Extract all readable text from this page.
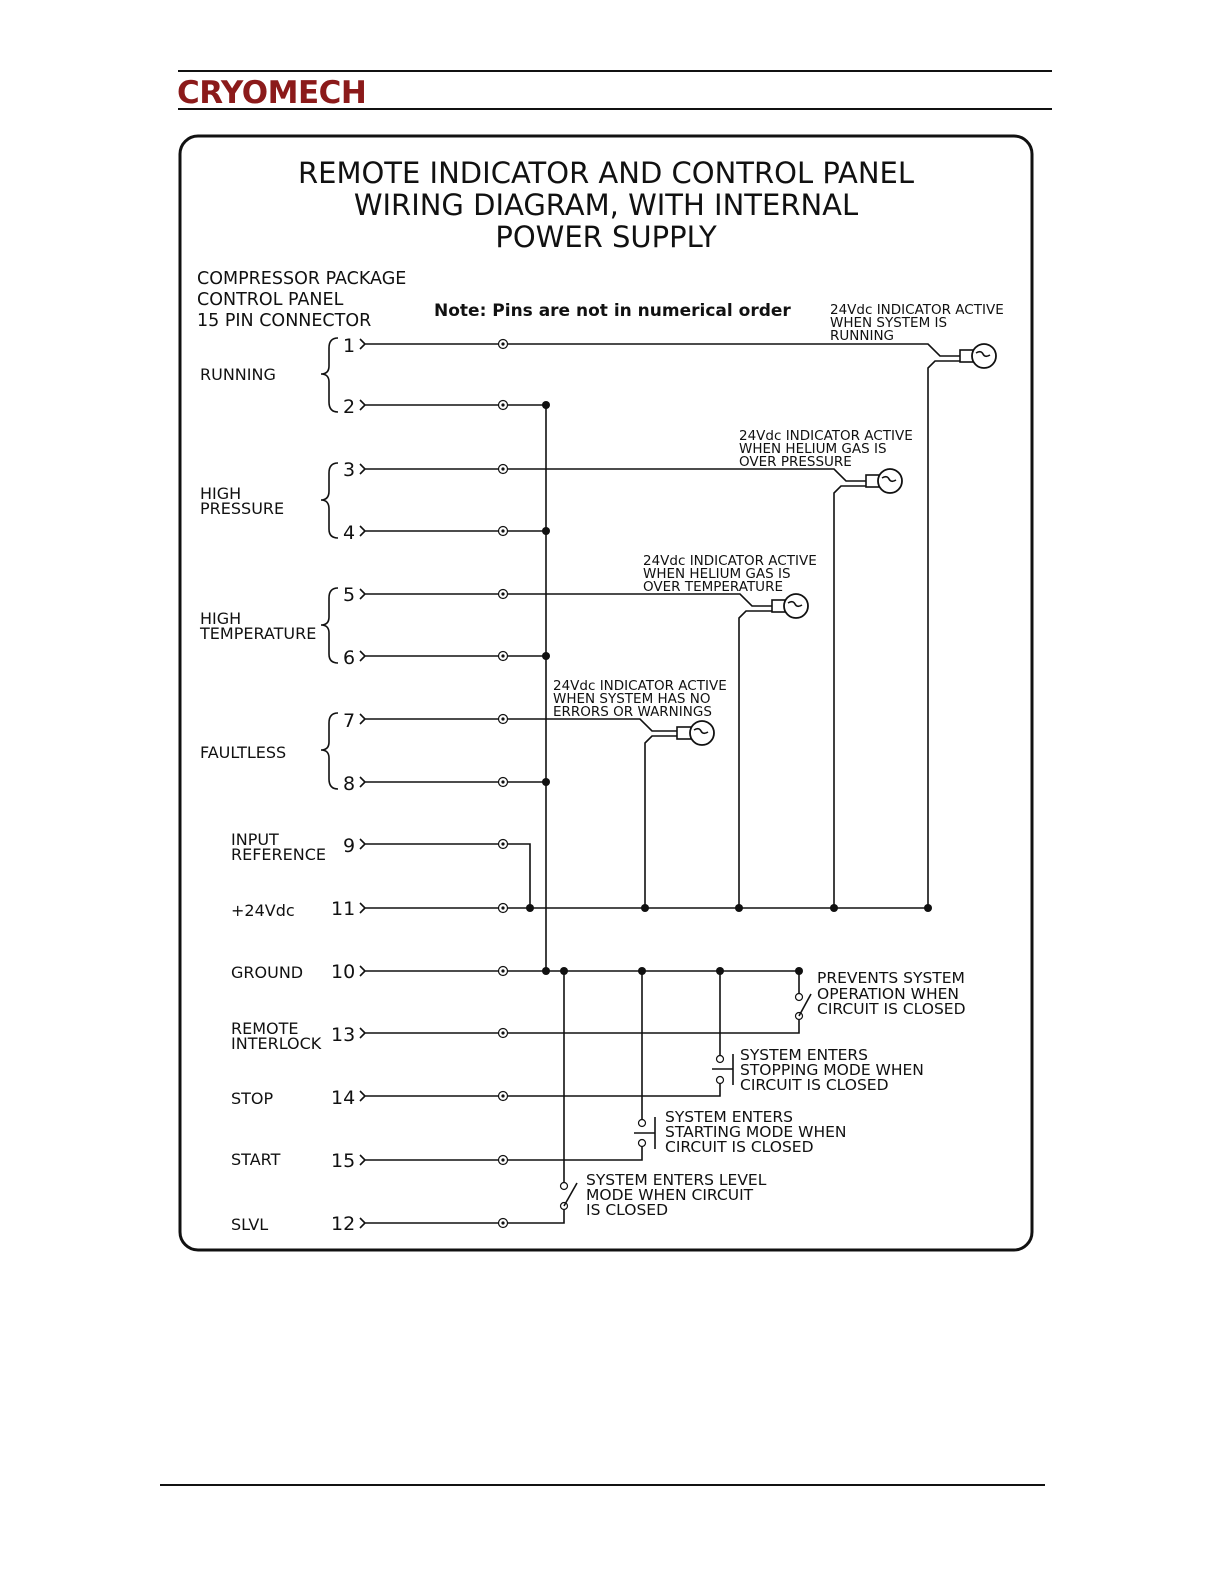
CRYOMECH
REMOTE INDICATOR AND CONTROL PANEL
WIRING DIAGRAM, WITH INTERNAL
POWER SUPPLY
COMPRESSOR PACKAGE
CONTROL PANEL
15 PIN CONNECTOR	Note: Pins are not in numerical order
RUNNING
HIGH
PRESSURE
HIGH
TEMPERATURE
FAULTLESS
1
2
3
4
5
6
7
8
INPUT
REFERENCE
+24Vdc
GROUND
REMOTE
INTERLOCK
STOP
START
SLVL
9
11
10
13
14
15
12
24Vdc INDICATOR ACTIVE
WHEN SYSTEM IS
RUNNING
24Vdc INDICATOR ACTIVE
WHEN HELIUM GAS IS
OVER PRESSURE
24Vdc INDICATOR ACTIVE
WHEN HELIUM GAS IS
OVER TEMPERATURE
24Vdc INDICATOR ACTIVE
WHEN SYSTEM HAS NO
ERRORS OR WARNINGS
PREVENTS SYSTEM
OPERATION WHEN
CIRCUIT IS CLOSED
SYSTEM ENTERS
STOPPING MODE WHEN
CIRCUIT IS CLOSED
SYSTEM ENTERS
STARTING MODE WHEN
CIRCUIT IS CLOSED
SYSTEM ENTERS LEVEL
MODE WHEN CIRCUIT
IS CLOSED
